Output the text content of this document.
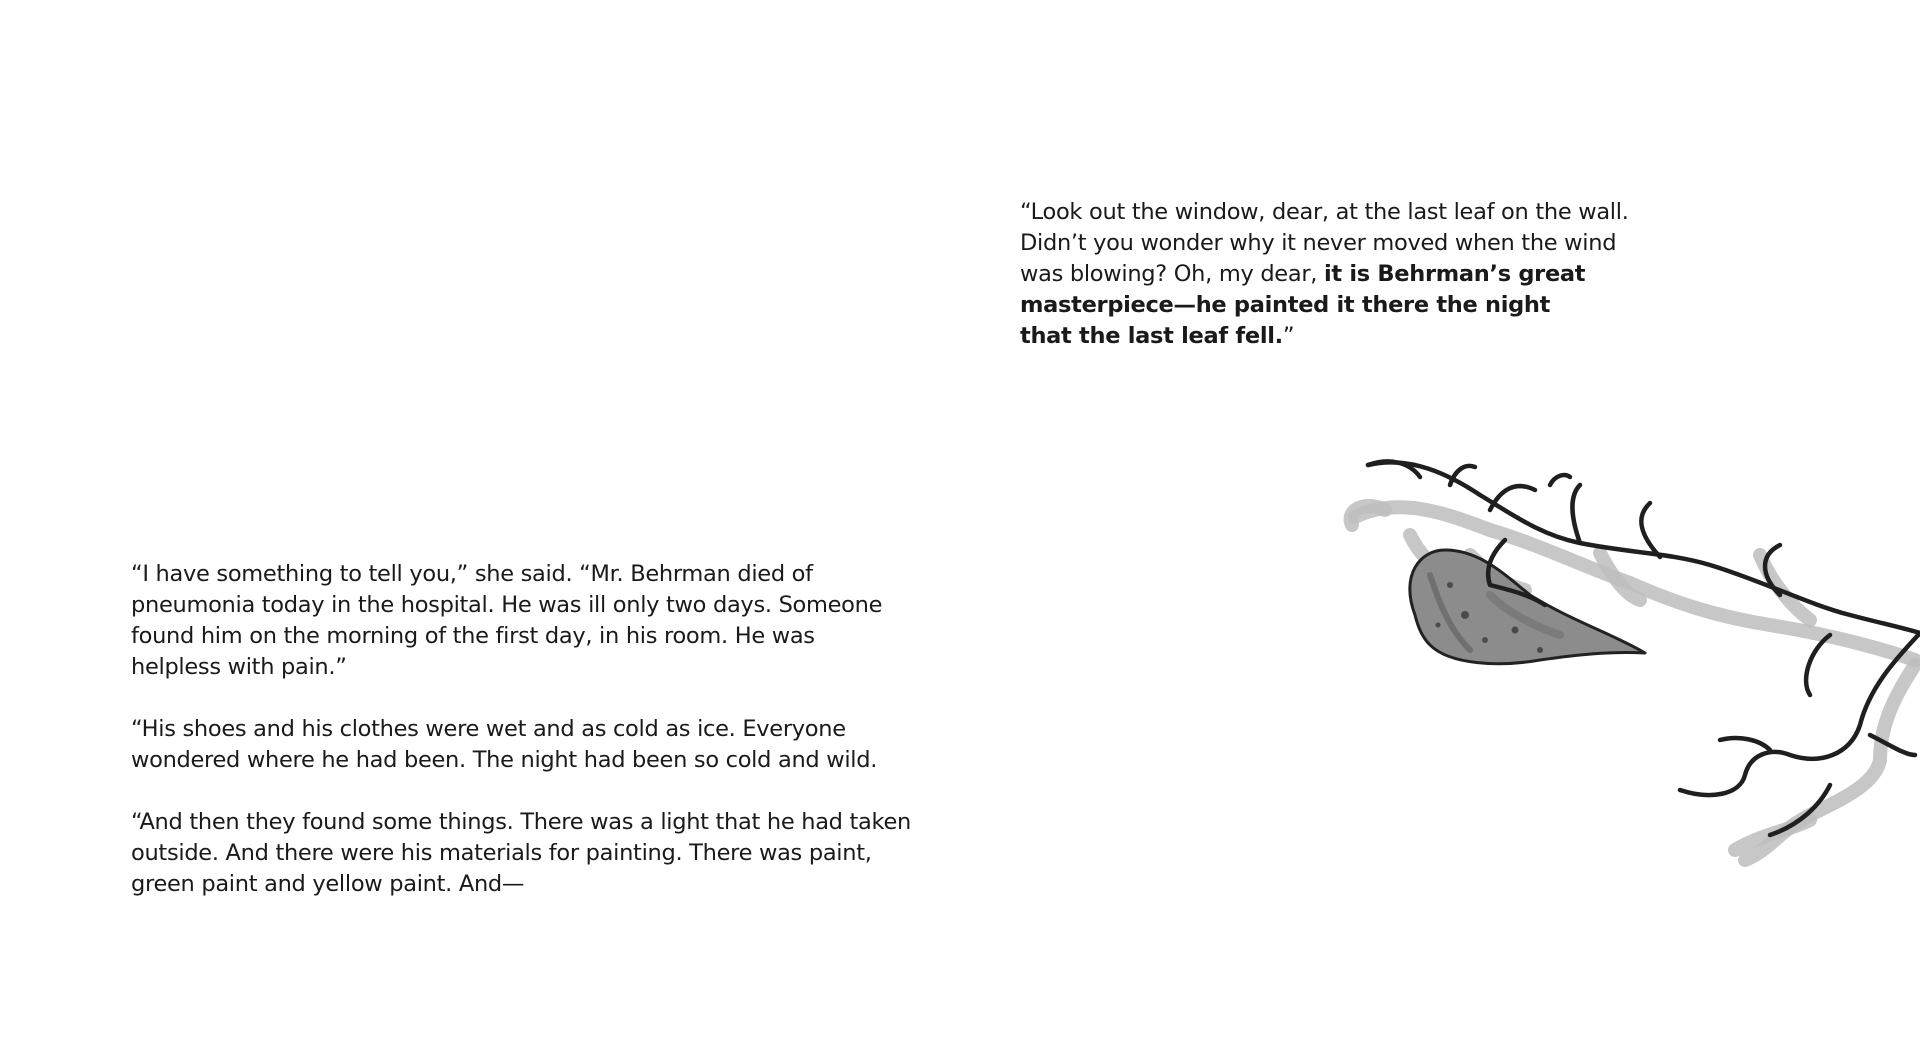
“Look out the window, dear, at the last leaf on the wall. Didn’t you wonder why it never moved when the wind was blowing? Oh, my dear, it is Behrman’s great masterpiece—he painted it there the night
that the last leaf fell.”

“I have something to tell you,” she said. “Mr. Behrman died of pneumonia today in the hospital. He was ill only two days. Someone found him on the morning of the first day, in his room. He was helpless with pain.”

“His shoes and his clothes were wet and as cold as ice. Everyone wondered where he had been. The night had been so cold and wild.

“And then they found some things. There was a light that he had taken outside. And there were his materials for painting. There was paint, green paint and yellow paint. And—
